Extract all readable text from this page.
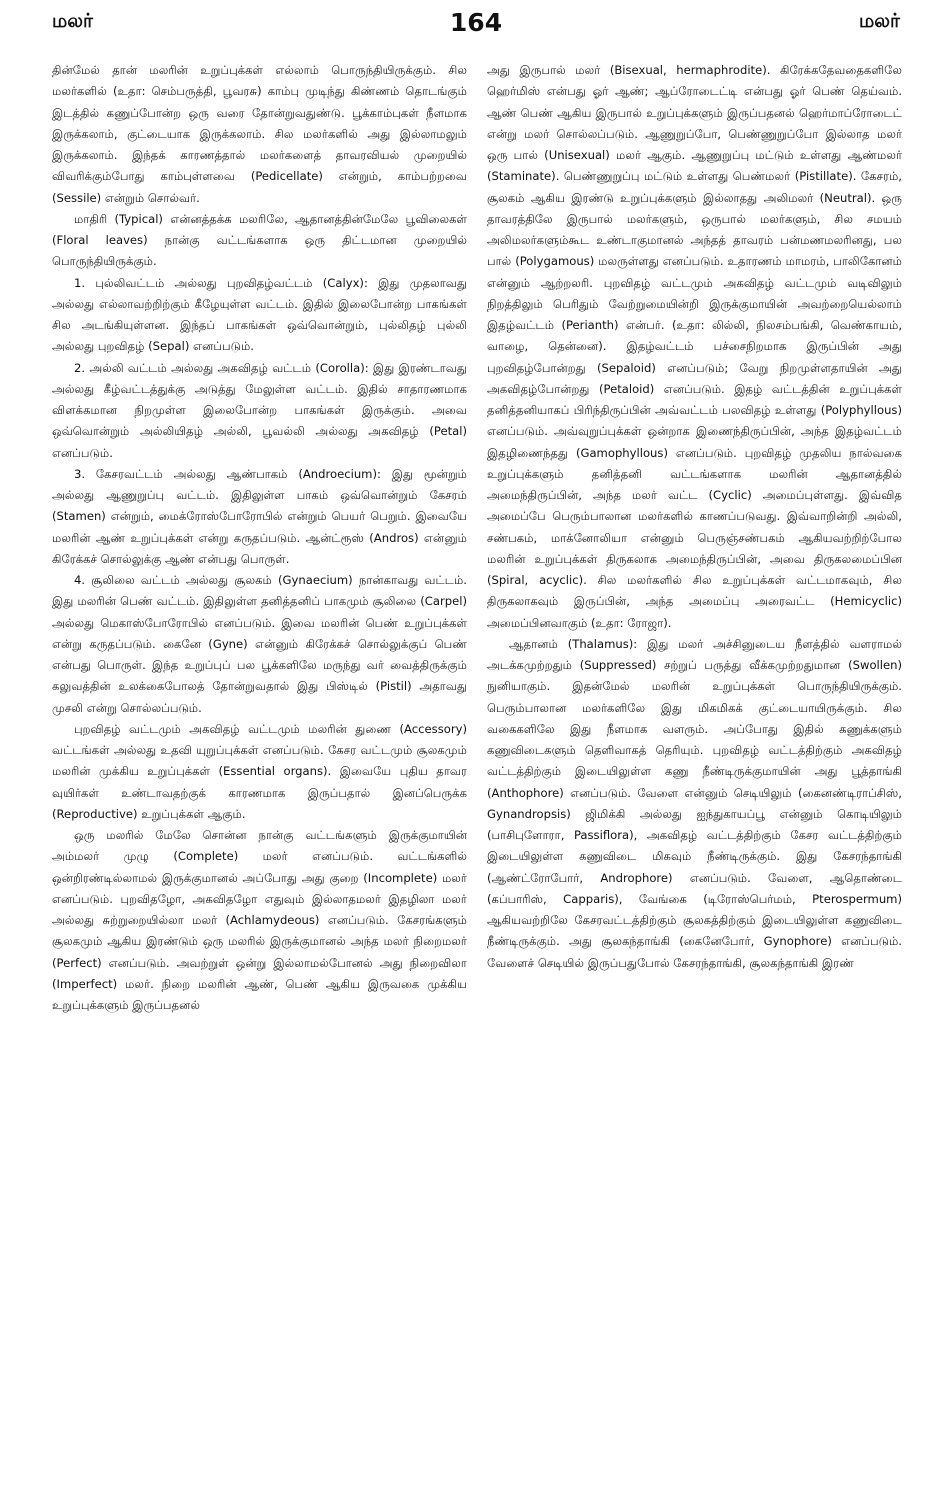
மலர்	164	மலர்

தின்மேல் தான் மலரின் உறுப்புக்கள் எல்லாம் பொருந்தியிருக்கும். சில மலர்களில் (உதா: செம்பருத்தி, பூவரசு) காம்பு முடிந்து கிண்ணம் தொடங்கும் இடத்தில் கணுப்போன்ற ஒரு வரை தோன்றுவதுண்டு. பூக்காம்புகள் நீளமாக இருக்கலாம், குட்டையாக இருக்கலாம். சில மலர்களில் அது இல்லாமலும் இருக்கலாம். இந்தக் காரணத்தால் மலர்களைத் தாவரவியல் முறையில் விவரிக்கும்போது காம்புள்ளவை (Pedicellate) என்றும், காம்பற்றவை (Sessile) என்றும் சொல்வர்.

மாதிரி (Typical) என்னத்தக்க மலரிலே, ஆதானத்தின்மேலே பூவிலைகள் (Floral leaves) நான்கு வட்டங்களாக ஒரு திட்டமான முறையில் பொருந்தியிருக்கும்.

1. புல்லிவட்டம் அல்லது புறவிதழ்வட்டம் (Calyx): இது முதலாவது அல்லது எல்லாவற்றிற்கும் கீழேயுள்ள வட்டம். இதில் இலைபோன்ற பாகங்கள் சில அடங்கியுள்ளன. இந்தப் பாகங்கள் ஒவ்வொன்றும், புல்லிதழ் புல்லி அல்லது புறவிதழ் (Sepal) எனப்படும்.

2. அல்லி வட்டம் அல்லது அகவிதழ் வட்டம் (Corolla): இது இரண்டாவது அல்லது கீழ்வட்டத்துக்கு அடுத்து மேலுள்ள வட்டம். இதில் சாதாரணமாக விளக்கமான நிறமுள்ள இலைபோன்ற பாகங்கள் இருக்கும். அவை ஒவ்வொன்றும் அல்லியிதழ் அல்லி, பூவல்லி அல்லது அகவிதழ் (Petal) எனப்படும்.

3. கேசரவட்டம் அல்லது ஆண்பாகம் (Androecium): இது மூன்றும் அல்லது ஆணுறுப்பு வட்டம். இதிலுள்ள பாகம் ஒவ்வொன்றும் கேசரம் (Stamen) என்றும், மைக்ரோஸ்போரோபில் என்றும் பெயர் பெறும். இவையே மலரின் ஆண் உறுப்புக்கள் என்று கருதப்படும். ஆன்ட்ரூஸ் (Andros) என்னும் கிரேக்கச் சொல்லுக்கு ஆண் என்பது பொருள்.

4. சூலிலை வட்டம் அல்லது சூலகம் (Gynaecium) நான்காவது வட்டம். இது மலரின் பெண் வட்டம். இதிலுள்ள தனித்தனிப் பாகமும் சூலிலை (Carpel) அல்லது மெகாஸ்போரோபில் எனப்படும். இவை மலரின் பெண் உறுப்புக்கள் என்று கருதப்படும். கைனே (Gyne) என்னும் கிரேக்கச் சொல்லுக்குப் பெண் என்பது பொருள். இந்த உறுப்புப் பல பூக்களிலே மருந்து வர் வைத்திருக்கும் கலுவத்தின் உலக்கைபோலத் தோன்றுவதால் இது பிஸ்டில் (Pistil) அதாவது முசலி என்று சொல்லப்படும்.

புறவிதழ் வட்டமும் அகவிதழ் வட்டமும் மலரின் துணை (Accessory) வட்டங்கள் அல்லது உதவி யுறுப்புக்கள் எனப்படும். கேசர வட்டமும் சூலகமும் மலரின் முக்கிய உறுப்புக்கள் (Essential organs). இவையே புதிய தாவர வுயிர்கள் உண்டாவதற்குக் காரணமாக இருப்பதால் இனப்பெருக்க (Reproductive) உறுப்புக்கள் ஆகும்.

ஒரு மலரில் மேலே சொன்ன நான்கு வட்டங்களும் இருக்குமாயின் அம்மலர் முழு (Complete) மலர் எனப்படும். வட்டங்களில் ஒன்றிரண்டில்லாமல் இருக்குமானல் அப்போது அது குறை (Incomplete) மலர் எனப்படும். புறவிதழோ, அகவிதழோ எதுவும் இல்லாதமலர் இதழிலா மலர் அல்லது சுற்றுறையில்லா மலர் (Achlamydeous) எனப்படும். கேசரங்களும் சூலகமும் ஆகிய இரண்டும் ஒரு மலரில் இருக்குமானல் அந்த மலர் நிறைமலர் (Perfect) எனப்படும். அவற்றுள் ஒன்று இல்லாமல்போனல் அது நிறைவிலா (Imperfect) மலர். நிறை மலரின் ஆண், பெண் ஆகிய இருவகை முக்கிய உறுப்புக்களும் இருப்பதனல்

அது இருபால் மலர் (Bisexual, hermaphrodite). கிரேக்கதேவதைகளிலே ஹெர்மிஸ் என்பது ஓர் ஆண்; ஆப்ரோடைட்டி என்பது ஓர் பெண் தெய்வம். ஆண் பெண் ஆகிய இருபால் உறுப்புக்களும் இருப்பதனல் ஹெர்மாப்ரோடைட் என்று மலர் சொல்லப்படும். ஆணுறுப்போ, பெண்ணுறுப்போ இல்லாத மலர் ஒரு பால் (Unisexual) மலர் ஆகும். ஆணுறுப்பு மட்டும் உள்ளது ஆண்மலர் (Staminate). பெண்ணுறுப்பு மட்டும் உள்ளது பெண்மலர் (Pistillate). கேசரம், சூலகம் ஆகிய இரண்டு உறுப்புக்களும் இல்லாதது அலிமலர் (Neutral). ஒரு தாவரத்திலே இருபால் மலர்களும், ஒருபால் மலர்களும், சில சமயம் அலிமலர்களும்கூட உண்டாகுமானல் அந்தத் தாவரம் பன்மணமலரினது, பல பால் (Polygamous) மலருள்ளது எனப்படும். உதாரணம் மாமரம், பாலிகோனம் என்னும் ஆற்றலரி. புறவிதழ் வட்டமும் அகவிதழ் வட்டமும் வடிவிலும் நிறத்திலும் பெரிதும் வேற்றுமையின்றி இருக்குமாயின் அவற்றையெல்லாம் இதழ்வட்டம் (Perianth) என்பர். (உதா: லில்லி, நிலசம்பங்கி, வெண்காயம், வாழை, தென்னை). இதழ்வட்டம் பச்சைநிறமாக இருப்பின் அது புறவிதழ்போன்றது (Sepaloid) எனப்படும்; வேறு நிறமுள்ளதாயின் அது அகவிதழ்போன்றது (Petaloid) எனப்படும். இதழ் வட்டத்தின் உறுப்புக்கள் தனித்தனியாகப் பிரிந்திருப்பின் அவ்வட்டம் பலவிதழ் உள்ளது (Polyphyllous) எனப்படும். அவ்வுறுப்புக்கள் ஒன்றாக இணைந்திருப்பின், அந்த இதழ்வட்டம் இதழிணைந்தது (Gamophyllous) எனப்படும். புறவிதழ் முதலிய நால்வகை உறுப்புக்களும் தனித்தனி வட்டங்களாக மலரின் ஆதானத்தில் அமைந்திருப்பின், அந்த மலர் வட்ட (Cyclic) அமைப்புள்ளது. இவ்வித அமைப்பே பெரும்பாலான மலர்களில் காணப்படுவது. இவ்வாறின்றி அல்லி, சண்பகம், மாக்னோலியா என்னும் பெருஞ்சண்பகம் ஆகியவற்றிற்போல மலரின் உறுப்புக்கள் திருகலாக அமைந்திருப்பின், அவை திருகலமைப்பின (Spiral, acyclic). சில மலர்களில் சில உறுப்புக்கள் வட்டமாகவும், சில திருகலாகவும் இருப்பின், அந்த அமைப்பு அரைவட்ட (Hemicyclic) அமைப்பினவாகும் (உதா: ரோஜா).

ஆதானம் (Thalamus): இது மலர் அச்சினுடைய நீளத்தில் வளராமல் அடக்கமுற்றதும் (Suppressed) சற்றுப் பருத்து வீக்கமுற்றதுமான (Swollen) நுனியாகும். இதன்மேல் மலரின் உறுப்புக்கள் பொருந்தியிருக்கும். பெரும்பாலான மலர்களிலே இது மிகமிகக் குட்டையாயிருக்கும். சில வகைகளிலே இது நீளமாக வளரும். அப்போது இதில் கணுக்களும் கணுவிடைகளும் தெளிவாகத் தெரியும். புறவிதழ் வட்டத்திற்கும் அகவிதழ் வட்டத்திற்கும் இடையிலுள்ள கணு நீண்டிருக்குமாயின் அது பூத்தாங்கி (Anthophore) எனப்படும். வேளை என்னும் செடியிலும் (கைனண்டிராப்சிஸ், Gynandropsis) ஜிமிக்கி அல்லது ஐந்துகாயப்பூ என்னும் கொடியிலும் (பாசிபுளோரா, Passiflora), அகவிதழ் வட்டத்திற்கும் கேசர வட்டத்திற்கும் இடையிலுள்ள கணுவிடை மிகவும் நீண்டிருக்கும். இது கேசரந்தாங்கி (ஆண்ட்ரோபோர், Androphore) எனப்படும். வேளை, ஆதொண்டை (கப்பாரிஸ், Capparis), வேங்கை (டிரோஸ்பெர்மம், Pterospermum) ஆகியவற்றிலே கேசரவட்டத்திற்கும் சூலகத்திற்கும் இடையிலுள்ள கணுவிடை நீண்டிருக்கும். அது சூலகந்தாங்கி (கைனேபோர், Gynophore) எனப்படும். வேளைச் செடியில் இருப்பதுபோல் கேசரந்தாங்கி, சூலகந்தாங்கி இரண்
